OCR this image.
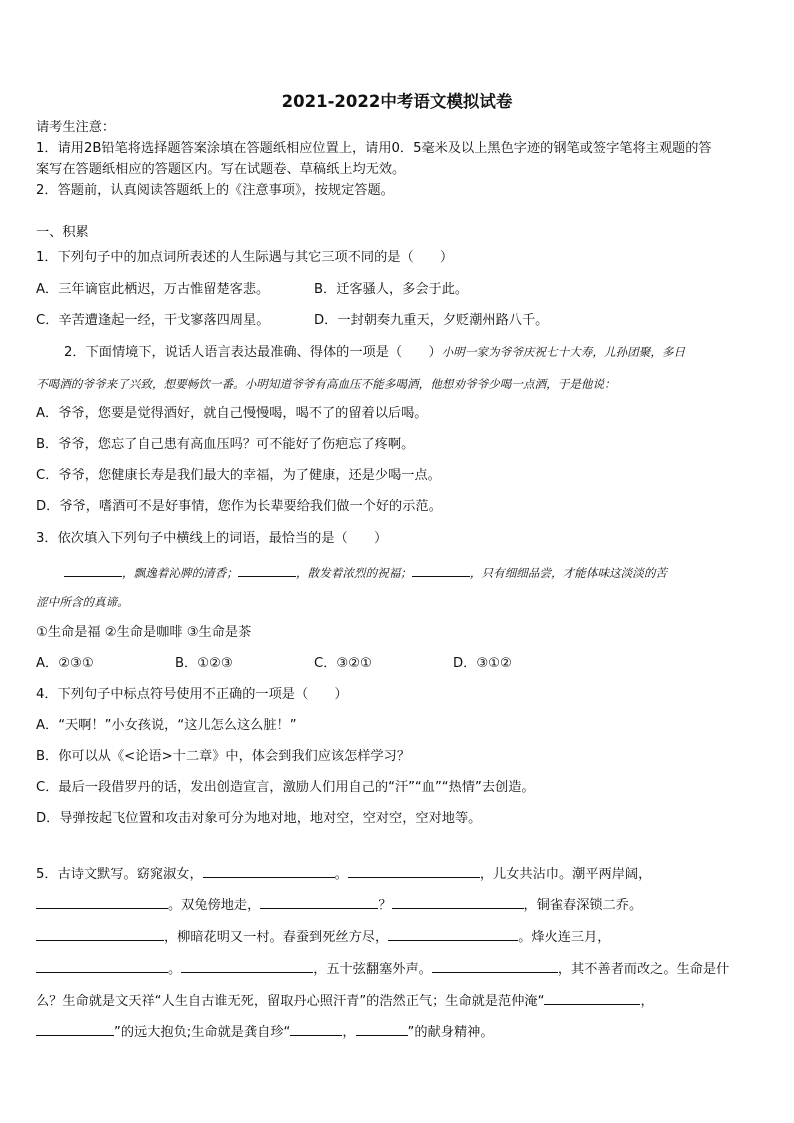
2021-2022中考语文模拟试卷
请考生注意：
1．请用2B铅笔将选择题答案涂填在答题纸相应位置上，请用0．5毫米及以上黑色字迹的钢笔或签字笔将主观题的答
案写在答题纸相应的答题区内。写在试题卷、草稿纸上均无效。
2．答题前，认真阅读答题纸上的《注意事项》，按规定答题。
一、积累
1．下列句子中的加点词所表述的人生际遇与其它三项不同的是（　　）
A．三年谪宦此栖迟，万古惟留楚客悲。	B．迁客骚人，多会于此。
C．辛苦遭逢起一经，干戈寥落四周星。	D．一封朝奏九重天，夕贬潮州路八千。
2．下面情境下，说话人语言表达最准确、得体的一项是（　　）小明一家为爷爷庆祝七十大寿，儿孙团聚，多日
不喝酒的爷爷来了兴致，想要畅饮一番。小明知道爷爷有高血压不能多喝酒，他想劝爷爷少喝一点酒，于是他说：
A．爷爷，您要是觉得酒好，就自己慢慢喝，喝不了的留着以后喝。
B．爷爷，您忘了自己患有高血压吗？可不能好了伤疤忘了疼啊。
C．爷爷，您健康长寿是我们最大的幸福，为了健康，还是少喝一点。
D．爷爷，嗜酒可不是好事情，您作为长辈要给我们做一个好的示范。
3．依次填入下列句子中横线上的词语，最恰当的是（　　）
，飘逸着沁脾的清香；	，散发着浓烈的祝福；	，只有细细品尝，才能体味这淡淡的苦
涩中所含的真谛。
①生命是福 ②生命是咖啡 ③生命是茶
A．②③①	B．①②③	C．③②①	D．③①②
4．下列句子中标点符号使用不正确的一项是（　　）
A．“天啊！”小女孩说，“这儿怎么这么脏！”
B．你可以从《<论语>十二章》中，体会到我们应该怎样学习？
C．最后一段借罗丹的话，发出创造宣言，激励人们用自己的“汗”“血”“热情”去创造。
D．导弹按起飞位置和攻击对象可分为地对地，地对空，空对空，空对地等。
5．古诗文默写。窈窕淑女，	。	，儿女共沾巾。潮平两岸阔，
。双兔傍地走，	？	，铜雀春深锁二乔。
，柳暗花明又一村。春蚕到死丝方尽，	。烽火连三月，
。	，五十弦翻塞外声。	，其不善者而改之。生命是什
么？生命就是文天祥“人生自古谁无死，留取丹心照汗青”的浩然正气；生命就是范仲淹“	，
”的远大抱负;生命就是龚自珍“	，	”的献身精神。
